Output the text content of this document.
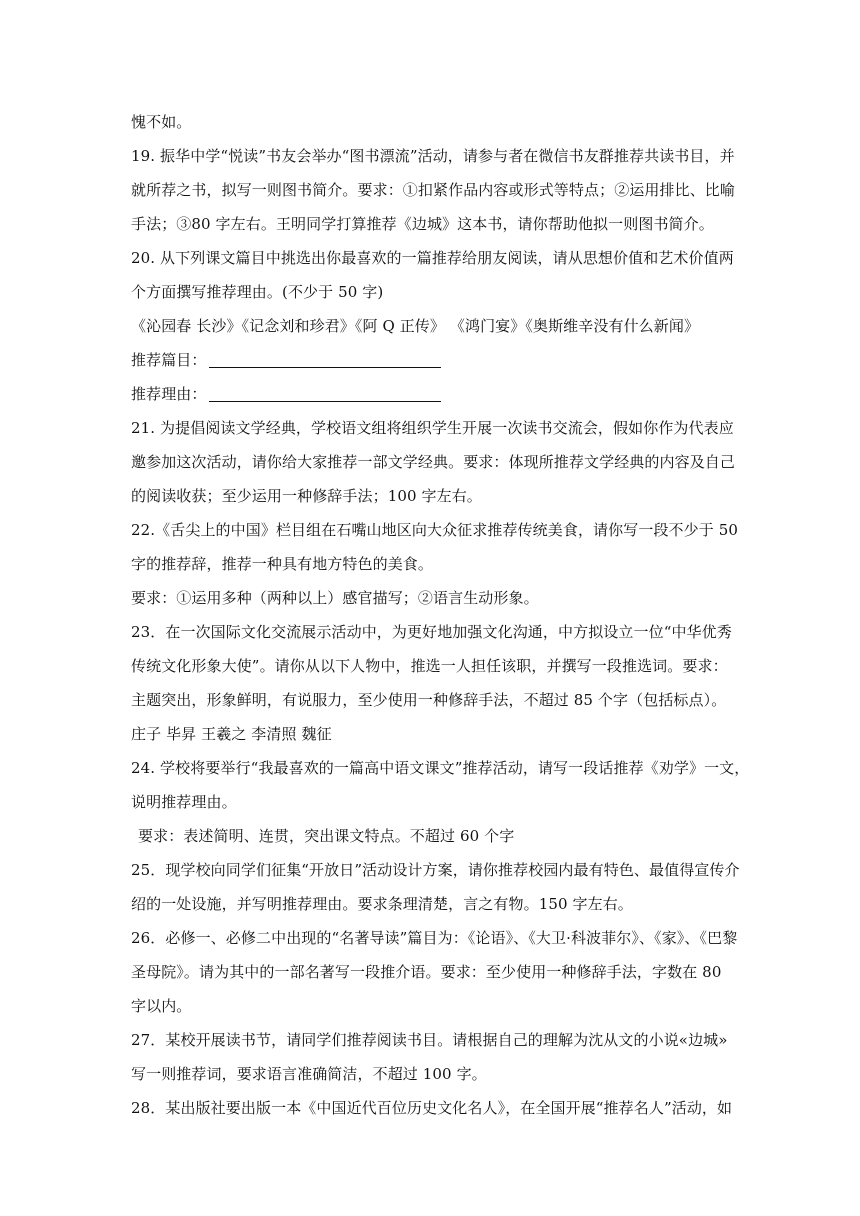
愧不如。
19. 振华中学“悦读”书友会举办“图书漂流”活动，请参与者在微信书友群推荐共读书目，并
就所荐之书，拟写一则图书简介。要求：①扣紧作品内容或形式等特点；②运用排比、比喻
手法；③80 字左右。王明同学打算推荐《边城》这本书，请你帮助他拟一则图书简介。
20. 从下列课文篇目中挑选出你最喜欢的一篇推荐给朋友阅读，请从思想价值和艺术价值两
个方面撰写推荐理由。(不少于 50 字)
《沁园春 长沙》《记念刘和珍君》《阿 Q 正传》 《鸿门宴》《奥斯维辛没有什么新闻》
推荐篇目：
推荐理由：
21. 为提倡阅读文学经典，学校语文组将组织学生开展一次读书交流会，假如你作为代表应
邀参加这次活动，请你给大家推荐一部文学经典。要求：体现所推荐文学经典的内容及自己
的阅读收获；至少运用一种修辞手法；100 字左右。
22.《舌尖上的中国》栏目组在石嘴山地区向大众征求推荐传统美食，请你写一段不少于 50
字的推荐辞，推荐一种具有地方特色的美食。
要求：①运用多种（两种以上）感官描写；②语言生动形象。
23．在一次国际文化交流展示活动中，为更好地加强文化沟通，中方拟设立一位“中华优秀
传统文化形象大使”。请你从以下人物中，推选一人担任该职，并撰写一段推选词。要求：
主题突出，形象鲜明，有说服力，至少使用一种修辞手法，不超过 85 个字（包括标点）。
庄子 毕昇 王羲之 李清照 魏征
24. 学校将要举行“我最喜欢的一篇高中语文课文”推荐活动，请写一段话推荐《劝学》一文，
说明推荐理由。
要求：表述简明、连贯，突出课文特点。不超过 60 个字
25．现学校向同学们征集“开放日”活动设计方案，请你推荐校园内最有特色、最值得宣传介
绍的一处设施，并写明推荐理由。要求条理清楚，言之有物。150 字左右。
26．必修一、必修二中出现的“名著导读”篇目为：《论语》、《大卫·科波菲尔》、《家》、《巴黎
圣母院》。请为其中的一部名著写一段推介语。要求：至少使用一种修辞手法，字数在 80
字以内。
27．某校开展读书节，请同学们推荐阅读书目。请根据自己的理解为沈从文的小说«边城»
写一则推荐词，要求语言准确简洁，不超过 100 字。
28．某出版社要出版一本《中国近代百位历史文化名人》，在全国开展“推荐名人”活动，如
